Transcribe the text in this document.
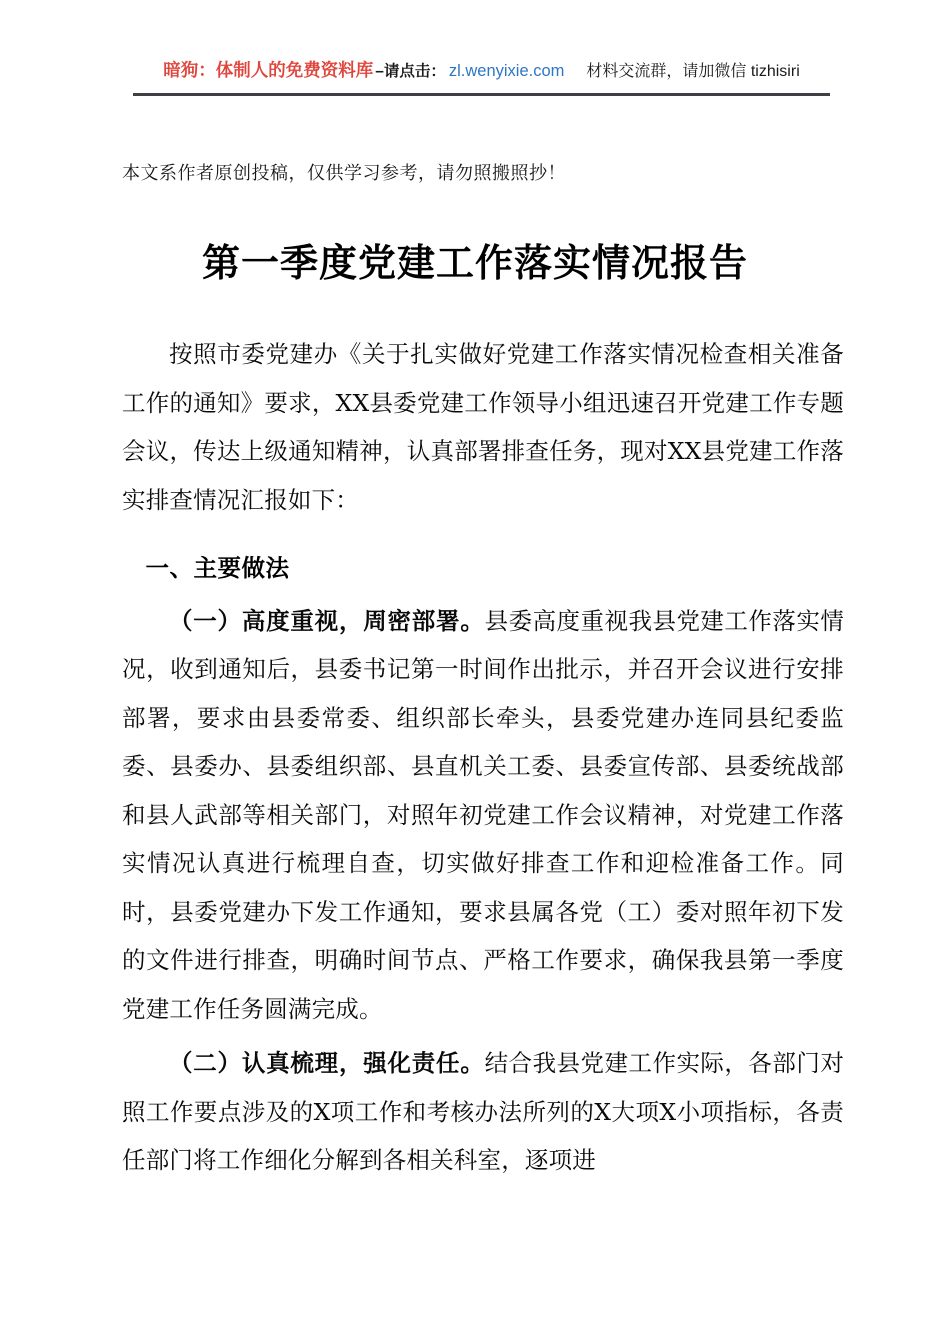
暗狗：体制人的免费资料库 –请点击： zl.wenyixie.com 材料交流群，请加微信 tizhisiri
本文系作者原创投稿，仅供学习参考，请勿照搬照抄！
第一季度党建工作落实情况报告

按照市委党建办《关于扎实做好党建工作落实情况检查相关准备工作的通知》要求，XX县委党建工作领导小组迅速召开党建工作专题会议，传达上级通知精神，认真部署排查任务，现对XX县党建工作落实排查情况汇报如下：

一、主要做法

（一）高度重视，周密部署。县委高度重视我县党建工作落实情况，收到通知后，县委书记第一时间作出批示，并召开会议进行安排部署，要求由县委常委、组织部长牵头，县委党建办连同县纪委监委、县委办、县委组织部、县直机关工委、县委宣传部、县委统战部和县人武部等相关部门，对照年初党建工作会议精神，对党建工作落实情况认真进行梳理自查，切实做好排查工作和迎检准备工作。同时，县委党建办下发工作通知，要求县属各党（工）委对照年初下发的文件进行排查，明确时间节点、严格工作要求，确保我县第一季度党建工作任务圆满完成。

（二）认真梳理，强化责任。结合我县党建工作实际，各部门对照工作要点涉及的X项工作和考核办法所列的X大项X小项指标，各责任部门将工作细化分解到各相关科室，逐项进
